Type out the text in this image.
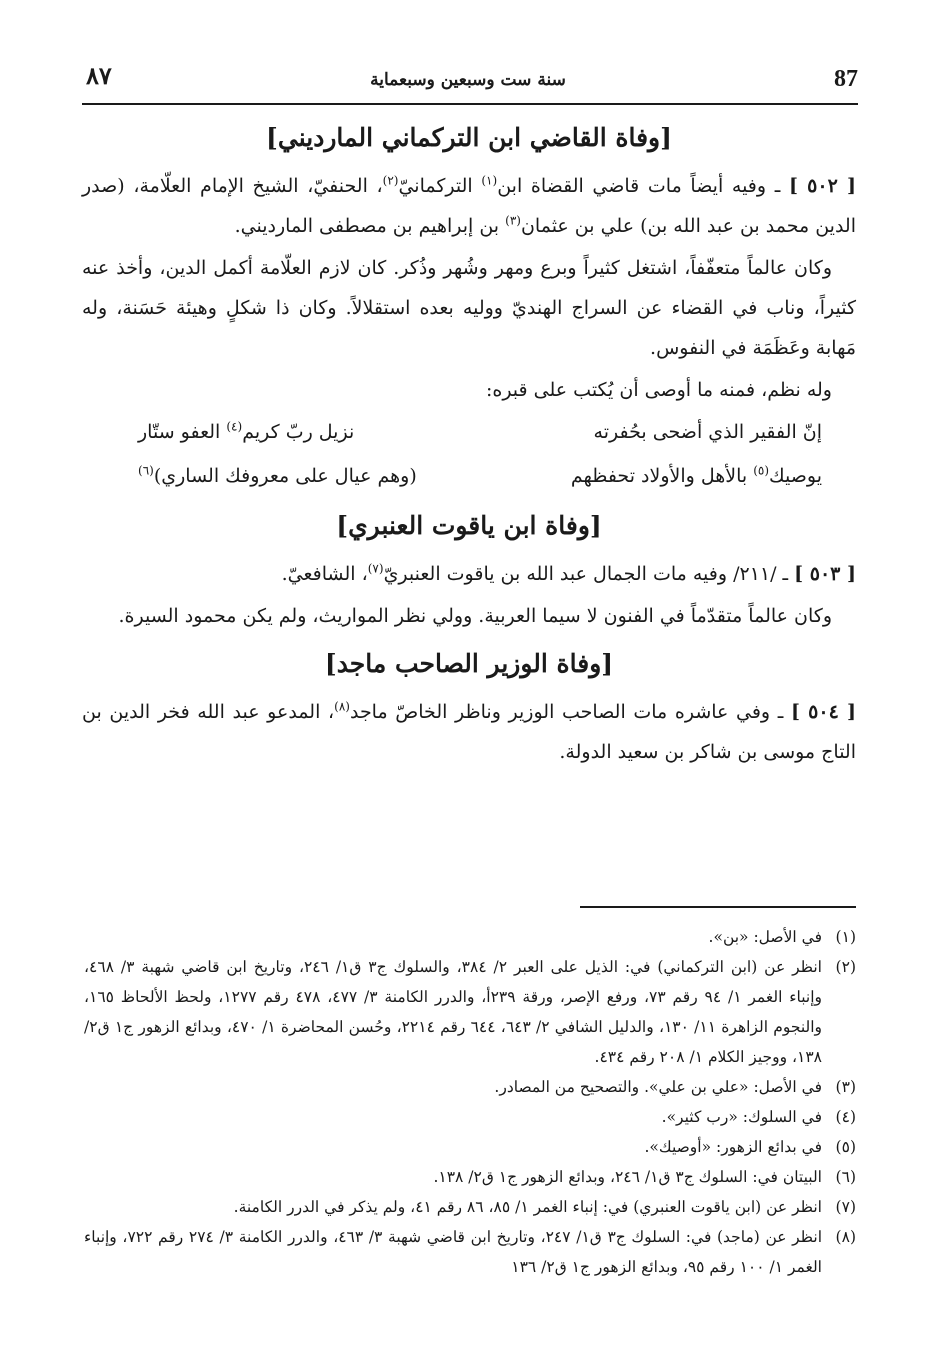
87
سنة ست وسبعين وسبعماية
٨٧
[وفاة القاضي ابن التركماني المارديني]

[ ٥٠٢ ] ـ وفيه أيضاً مات قاضي القضاة ابن$^{(١)}$ التركمانيّ$^{(٢)}$، الحنفيّ، الشيخ الإمام العلّامة، (صدر الدين محمد بن عبد الله بن) علي بن عثمان$^{(٣)}$ بن إبراهيم بن مصطفى المارديني.

وكان عالماً متعفّفاً، اشتغل كثيراً وبرع ومهر وشُهر وذُكر. كان لازم العلّامة أكمل الدين، وأخذ عنه كثيراً، وناب في القضاء عن السراج الهنديّ ووليه بعده استقلالاً. وكان ذا شكلٍ وهيئة حَسَنة، وله مَهابة وعَظَمَة في النفوس.

وله نظم، فمنه ما أوصى أن يُكتب على قبره:

إنّ الفقير الذي أضحى بحُفرته
نزيل ربّ كريم$^{(٤)}$ العفو ستّار
يوصيك$^{(٥)}$ بالأهل والأولاد تحفظهم
(وهم عيال على معروفك الساري)$^{(٦)}$
[وفاة ابن ياقوت العنبري]

[ ٥٠٣ ] ـ /٢١١/ وفيه مات الجمال عبد الله بن ياقوت العنبريّ$^{(٧)}$، الشافعيّ.

وكان عالماً متقدّماً في الفنون لا سيما العربية. وولي نظر المواريث، ولم يكن محمود السيرة.

[وفاة الوزير الصاحب ماجد]

[ ٥٠٤ ] ـ وفي عاشره مات الصاحب الوزير وناظر الخاصّ ماجد$^{(٨)}$، المدعو عبد الله فخر الدين بن التاج موسى بن شاكر بن سعيد الدولة.

(١)
في الأصل: «بن».
(٢)
انظر عن (ابن التركماني) في: الذيل على العبر ٢/ ٣٨٤، والسلوك ج٣ ق١/ ٢٤٦، وتاريخ ابن قاضي شهبة ٣/ ٤٦٨، وإنباء الغمر ١/ ٩٤ رقم ٧٣، ورفع الإصر، ورقة ٢٣٩أ، والدرر الكامنة ٣/ ٤٧٧، ٤٧٨ رقم ١٢٧٧، ولحظ الألحاظ ١٦٥، والنجوم الزاهرة ١١/ ١٣٠، والدليل الشافي ٢/ ٦٤٣، ٦٤٤ رقم ٢٢١٤، وحُسن المحاضرة ١/ ٤٧٠، وبدائع الزهور ج١ ق٢/ ١٣٨، ووجيز الكلام ١/ ٢٠٨ رقم ٤٣٤.
(٣)
في الأصل: «علي بن علي». والتصحيح من المصادر.
(٤)
في السلوك: «رب كثير».
(٥)
في بدائع الزهور: «أوصيك».
(٦)
البيتان في: السلوك ج٣ ق١/ ٢٤٦، وبدائع الزهور ج١ ق٢/ ١٣٨.
(٧)
انظر عن (ابن ياقوت العنبري) في: إنباء الغمر ١/ ٨٥، ٨٦ رقم ٤١، ولم يذكر في الدرر الكامنة.
(٨)
انظر عن (ماجد) في: السلوك ج٣ ق١/ ٢٤٧، وتاريخ ابن قاضي شهبة ٣/ ٤٦٣، والدرر الكامنة ٣/ ٢٧٤ رقم ٧٢٢، وإنباء الغمر ١/ ١٠٠ رقم ٩٥، وبدائع الزهور ج١ ق٢/ ١٣٦
